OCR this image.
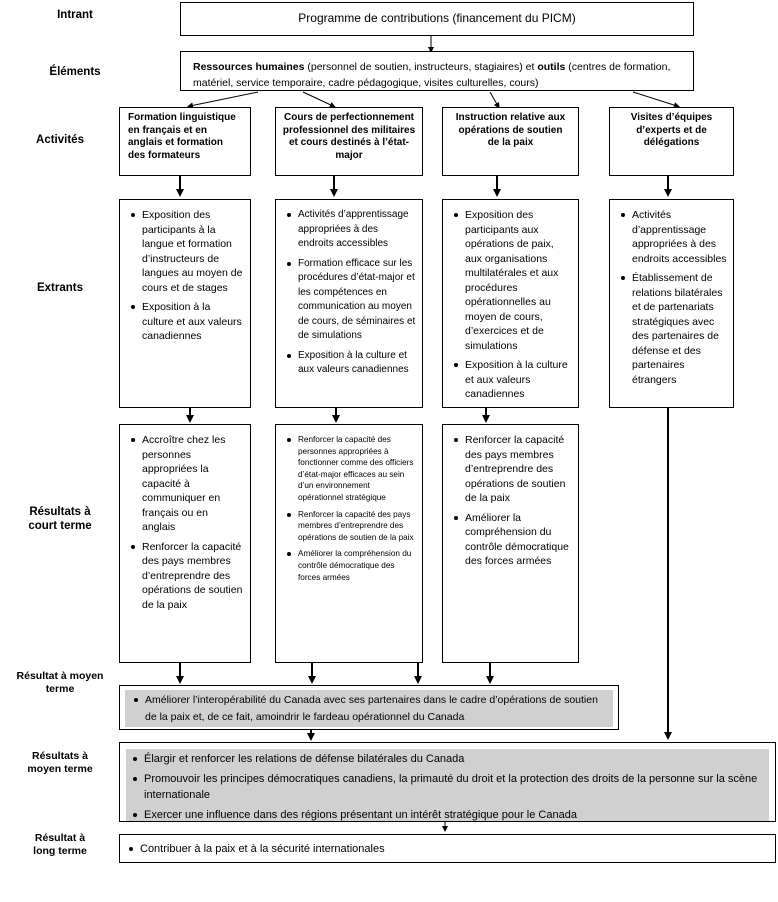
Intrant
Éléments
Activités
Extrants
Résultats à
court terme
Résultat à moyen
terme
Résultats à
moyen terme
Résultat à
long terme
Programme de contributions (financement du PICM)
Ressources humaines (personnel de soutien, instructeurs, stagiaires) et outils (centres de formation, matériel, service temporaire, cadre pédagogique, visites culturelles, cours)
Formation linguistique
en français et en
anglais et formation
des formateurs
Cours de perfectionnement
professionnel des militaires
et cours destinés à l’état-
major
Instruction relative aux
opérations de soutien
de la paix
Visites d’équipes
d’experts et de
délégations
Exposition des participants à la langue et formation d’instructeurs de langues au moyen de cours et de stages
Exposition à la culture et aux valeurs canadiennes
Activités d’apprentissage appropriées à des endroits accessibles
Formation efficace sur les procédures d’état-major et les compétences en communication au moyen de cours, de séminaires et de simulations
Exposition à la culture et aux valeurs canadiennes
Exposition des participants aux opérations de paix, aux organisations multilatérales et aux procédures opérationnelles au moyen de cours, d’exercices et de simulations
Exposition à la culture et aux valeurs canadiennes
Activités d’apprentissage appropriées à des endroits accessibles
Établissement de relations bilatérales et de partenariats stratégiques avec des partenaires de défense et des partenaires étrangers
Accroître chez les personnes appropriées la capacité à communiquer en français ou en anglais
Renforcer la capacité des pays membres d’entreprendre des opérations de soutien de la paix
Renforcer la capacité des personnes appropriées à fonctionner comme des officiers d’état-major efficaces au sein d’un environnement opérationnel stratégique
Renforcer la capacité des pays membres d’entreprendre des opérations de soutien de la paix
Améliorer la compréhension du contrôle démocratique des forces armées
Renforcer la capacité des pays membres d’entreprendre des opérations de soutien de la paix
Améliorer la compréhension du contrôle démocratique des forces armées
Améliorer l’interopérabilité du Canada avec ses partenaires dans le cadre d’opérations de soutien de la paix et, de ce fait, amoindrir le fardeau opérationnel du Canada
Élargir et renforcer les relations de défense bilatérales du Canada
Promouvoir les principes démocratiques canadiens, la primauté du droit et la protection des droits de la personne sur la scène internationale
Exercer une influence dans des régions présentant un intérêt stratégique pour le Canada
Contribuer à la paix et à la sécurité internationales
